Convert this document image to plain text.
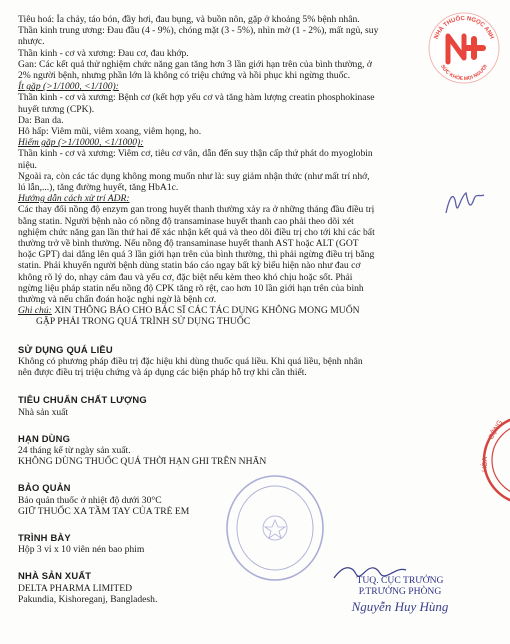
Tiêu hoá: Ỉa chảy, táo bón, đầy hơi, đau bụng, và buồn nôn, gặp ở khoảng 5% bệnh nhân.
Thần kinh trung ương: Đau đầu (4 - 9%), chóng mặt (3 - 5%), nhìn mờ (1 - 2%), mất ngủ, suy
nhược.
Thần kinh - cơ và xương: Đau cơ, đau khớp.
Gan: Các kết quả thử nghiệm chức năng gan tăng hơn 3 lần giới hạn trên của bình thường, ở
2% người bệnh, nhưng phần lớn là không có triệu chứng và hồi phục khi ngừng thuốc.
Ít gặp (>1/1000, <1/100):
Thần kinh - cơ và xương: Bệnh cơ (kết hợp yếu cơ và tăng hàm lượng creatin phosphokinase
huyết tương (CPK).
Da: Ban da.
Hô hấp: Viêm mũi, viêm xoang, viêm họng, ho.
Hiếm gặp (>1/10000, <1/1000):
Thần kinh - cơ và xương: Viêm cơ, tiêu cơ vân, dẫn đến suy thận cấp thứ phát do myoglobin
niệu.
Ngoài ra, còn các tác dụng không mong muốn như là: suy giảm nhận thức (như mất trí nhớ,
lú lẫn,...), tăng đường huyết, tăng HbA1c.
Hướng dẫn cách xử trí ADR:
Các thay đổi nồng độ enzym gan trong huyết thanh thường xảy ra ở những tháng đầu điều trị
bằng statin. Người bệnh nào có nồng độ transaminase huyết thanh cao phải theo dõi xét
nghiệm chức năng gan lần thứ hai để xác nhận kết quả và theo dõi điều trị cho tới khi các bất
thường trở về bình thường. Nếu nồng độ transaminase huyết thanh AST hoặc ALT (GOT
hoặc GPT) dai dẳng lên quá 3 lần giới hạn trên của bình thường, thì phải ngừng điều trị bằng
statin. Phải khuyến người bệnh dùng statin báo cáo ngay bất kỳ biểu hiện nào như đau cơ
không rõ lý do, nhạy cảm đau và yếu cơ, đặc biệt nếu kèm theo khó chịu hoặc sốt. Phải
ngừng liệu pháp statin nếu nồng độ CPK tăng rõ rệt, cao hơn 10 lần giới hạn trên của bình
thường và nếu chẩn đoán hoặc nghi ngờ là bệnh cơ.
Ghi chú: XIN THÔNG BÁO CHO BÁC SĨ CÁC TÁC DỤNG KHÔNG MONG MUỐN
GẶP PHẢI TRONG QUÁ TRÌNH SỬ DỤNG THUỐC
SỬ DỤNG QUÁ LIỀU
Không có phương pháp điều trị đặc hiệu khi dùng thuốc quá liều. Khi quá liều, bệnh nhân
nên được điều trị triệu chứng và áp dụng các biện pháp hỗ trợ khi cần thiết.
TIÊU CHUẨN CHẤT LƯỢNG
Nhà sản xuất
HẠN DÙNG
24 tháng kể từ ngày sản xuất.
KHÔNG DÙNG THUỐC QUÁ THỜI HẠN GHI TRÊN NHÃN
BẢO QUẢN
Bảo quản thuốc ở nhiệt độ dưới 30°C
GIỮ THUỐC XA TẦM TAY CỦA TRẺ EM
TRÌNH BÀY
Hộp 3 vỉ x 10 viên nén bao phim
NHÀ SẢN XUẤT
DELTA PHARMA LIMITED
Pakundia, Kishoreganj, Bangladesh.
NHÀ THUỐC NGỌC ANH
SỨC KHỎE MỌI NGƯỜI
CỘNG
HÒA
TUQ. CỤC TRƯỞNG
P.TRƯỞNG PHÒNG
Nguyễn Huy Hùng
